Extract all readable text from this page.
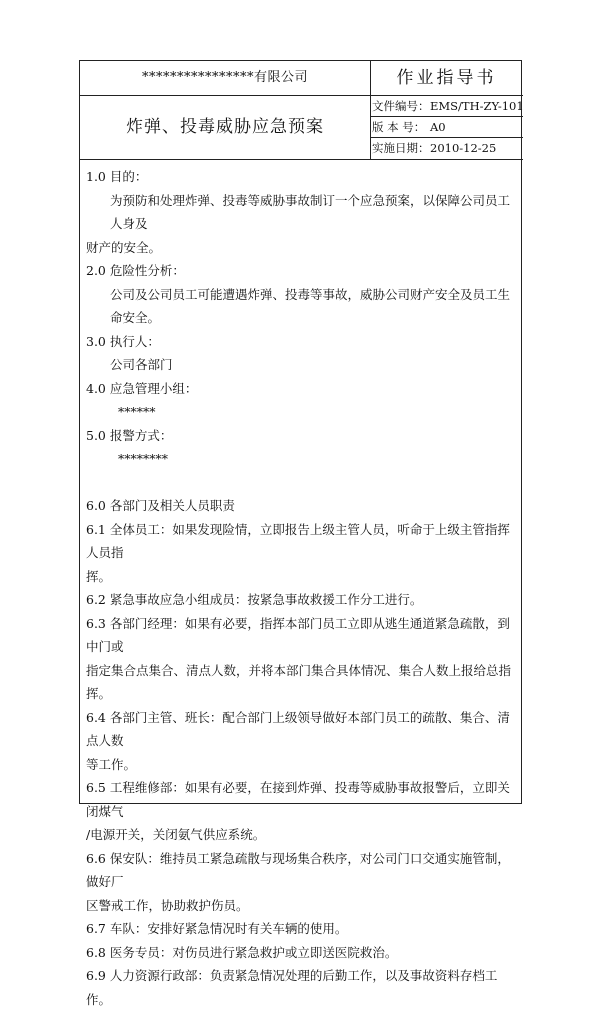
****************有限公司	作业指导书
炸弹、投毒威胁应急预案
文件编号：EMS/TH-ZY-101
版 本 号： A0
实施日期：2010-12-25

1.0 目的：

为预防和处理炸弹、投毒等威胁事故制订一个应急预案，以保障公司员工人身及

财产的安全。

2.0 危险性分析：

公司及公司员工可能遭遇炸弹、投毒等事故，威胁公司财产安全及员工生命安全。

3.0 执行人：

公司各部门

4.0 应急管理小组：

******

5.0 报警方式：

********

6.0 各部门及相关人员职责

6.1 全体员工：如果发现险情，立即报告上级主管人员，听命于上级主管指挥人员指

挥。

6.2 紧急事故应急小组成员：按紧急事故救援工作分工进行。

6.3 各部门经理：如果有必要，指挥本部门员工立即从逃生通道紧急疏散，到中门或

指定集合点集合、清点人数，并将本部门集合具体情况、集合人数上报给总指挥。

6.4 各部门主管、班长：配合部门上级领导做好本部门员工的疏散、集合、清点人数

等工作。

6.5 工程维修部：如果有必要，在接到炸弹、投毒等威胁事故报警后，立即关闭煤气

/电源开关，关闭氨气供应系统。

6.6 保安队：维持员工紧急疏散与现场集合秩序，对公司门口交通实施管制，做好厂

区警戒工作，协助救护伤员。

6.7 车队：安排好紧急情况时有关车辆的使用。

6.8 医务专员：对伤员进行紧急救护或立即送医院救治。

6.9 人力资源行政部：负责紧急情况处理的后勤工作，以及事故资料存档工作。
